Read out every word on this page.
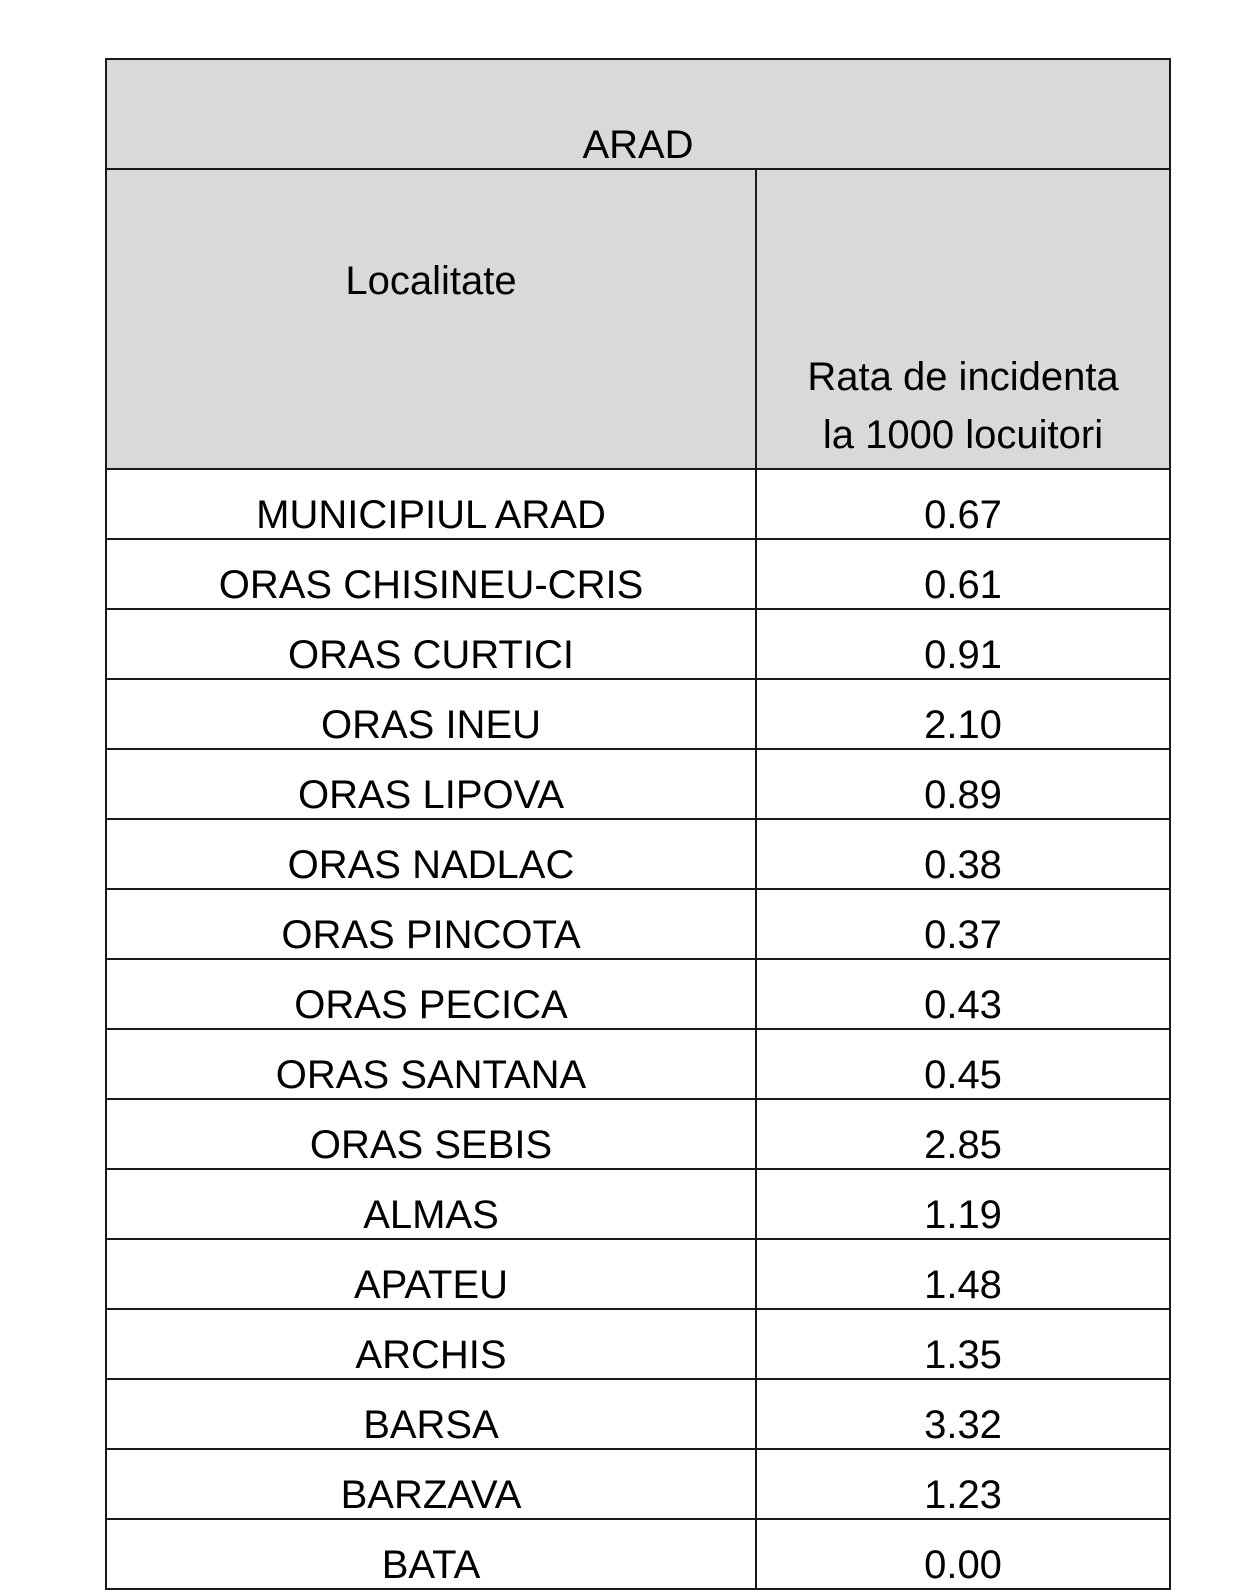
ARAD	
Localitate	Rata de incidenta
la 1000 locuitori

MUNICIPIUL ARAD	0.67
ORAS CHISINEU-CRIS	0.61
ORAS CURTICI	0.91
ORAS INEU	2.10
ORAS LIPOVA	0.89
ORAS NADLAC	0.38
ORAS PINCOTA	0.37
ORAS PECICA	0.43
ORAS SANTANA	0.45
ORAS SEBIS	2.85
ALMAS	1.19
APATEU	1.48
ARCHIS	1.35
BARSA	3.32
BARZAVA	1.23
BATA	0.00
